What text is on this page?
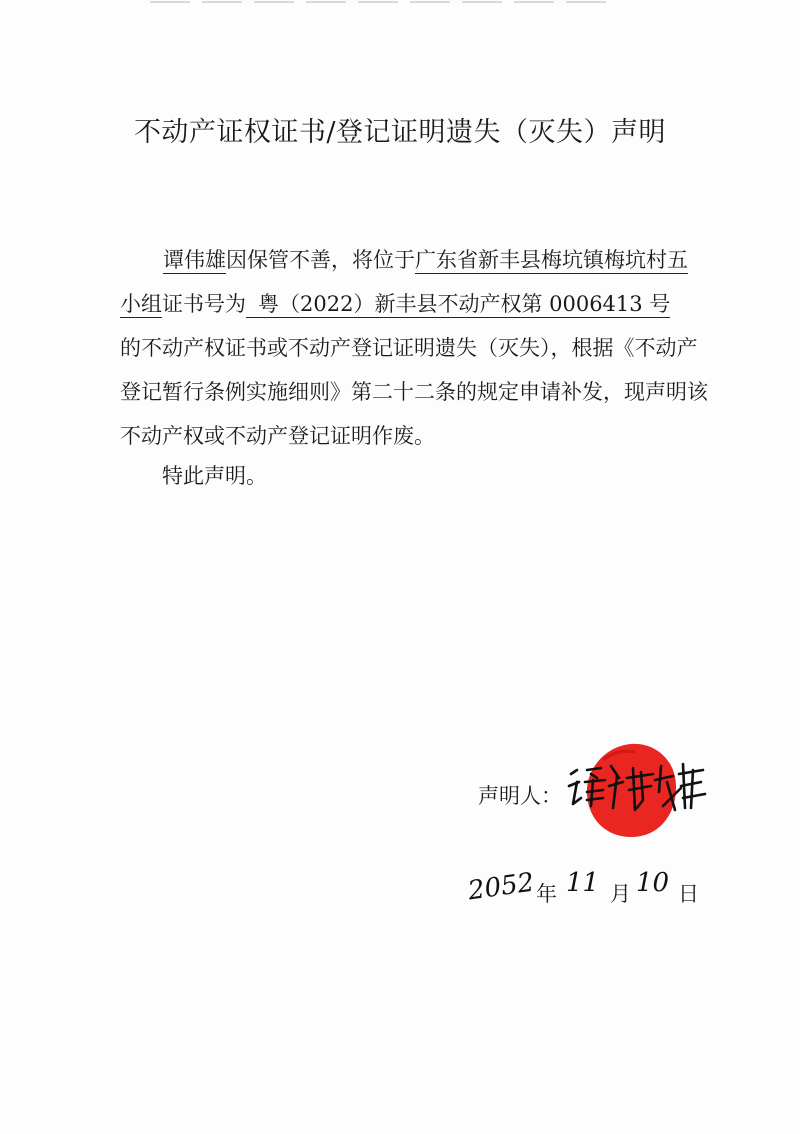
不动产证权证书/登记证明遗失（灭失）声明

谭伟雄因保管不善，将位于广东省新丰县梅坑镇梅坑村五

小组证书号为 粤（2022）新丰县不动产权第 0006413 号

的不动产权证书或不动产登记证明遗失（灭失），根据《不动产

登记暂行条例实施细则》第二十二条的规定申请补发，现声明该

不动产权或不动产登记证明作废。

特此声明。
声明人：
2052 年 11 月 10 日
